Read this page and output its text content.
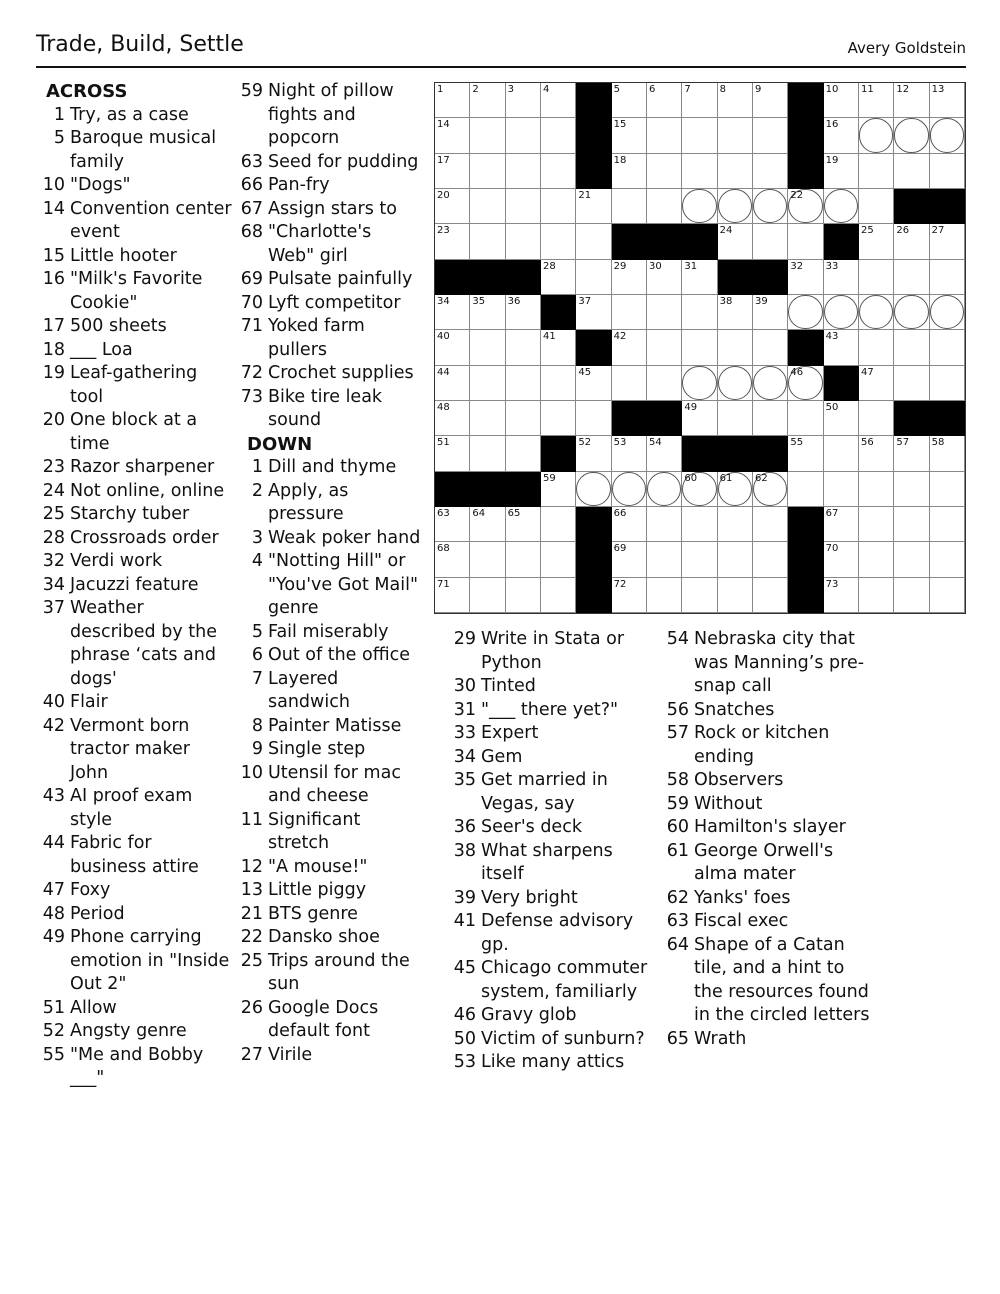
Trade, Build, Settle	Avery Goldstein
ACROSS
1 Try, as a case
5 Baroque musical family
10 "Dogs"
14 Convention center event
15 Little hooter
16 "Milk's Favorite Cookie"
17 500 sheets
18 ___ Loa
19 Leaf-gathering tool
20 One block at a time
23 Razor sharpener
24 Not online, online
25 Starchy tuber
28 Crossroads order
32 Verdi work
34 Jacuzzi feature
37 Weather described by the phrase ‘cats and dogs'
40 Flair
42 Vermont born tractor maker John
43 AI proof exam style
44 Fabric for business attire
47 Foxy
48 Period
49 Phone carrying emotion in "Inside Out 2"
51 Allow
52 Angsty genre
55 "Me and Bobby ___"
59 Night of pillow fights and popcorn
63 Seed for pudding
66 Pan-fry
67 Assign stars to
68 "Charlotte's Web" girl
69 Pulsate painfully
70 Lyft competitor
71 Yoked farm pullers
72 Crochet supplies
73 Bike tire leak sound
DOWN
1 Dill and thyme
2 Apply, as pressure
3 Weak poker hand
4 "Notting Hill" or "You've Got Mail" genre
5 Fail miserably
6 Out of the office
7 Layered sandwich
8 Painter Matisse
9 Single step
10 Utensil for mac and cheese
11 Significant stretch
12 "A mouse!"
13 Little piggy
21 BTS genre
22 Dansko shoe
25 Trips around the sun
26 Google Docs default font
27 Virile
29 Write in Stata or Python
30 Tinted
31 "___ there yet?"
33 Expert
34 Gem
35 Get married in Vegas, say
36 Seer's deck
38 What sharpens itself
39 Very bright
41 Defense advisory gp.
45 Chicago commuter system, familiarly
46 Gravy glob
50 Victim of sunburn?
53 Like many attics
54 Nebraska city that was Manning’s pre-snap call
56 Snatches
57 Rock or kitchen ending
58 Observers
59 Without
60 Hamilton's slayer
61 George Orwell's alma mater
62 Yanks' foes
63 Fiscal exec
64 Shape of a Catan tile, and a hint to the resources found in the circled letters
65 Wrath
1	2	3	4	5	6	7	8	9	10 11 12 13
14	15	16
17	18	19
20	21	22
23	24	25 26 27
28	29 30 31	32 33
34 35 36	37	38 39
40	41	42	43
44	45	46	47
48	49	50
51	52 53 54	55	56 57 58
59	60 61 62
63 64 65	66	67
68	69	70
71	72	73
